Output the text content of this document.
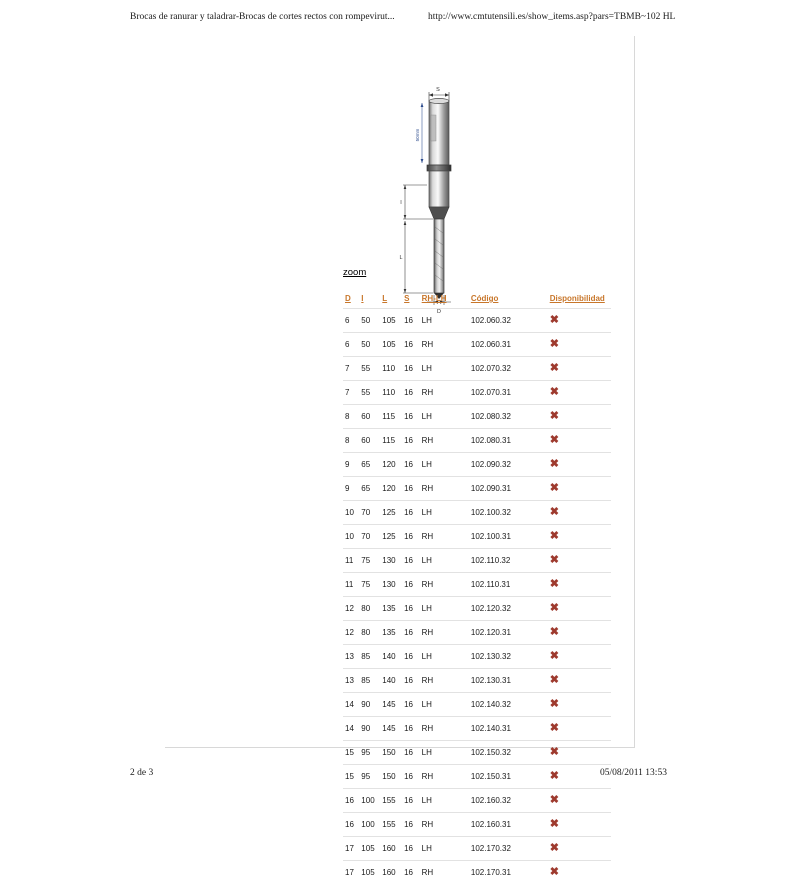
Brocas de ranurar y taladrar-Brocas de cortes rectos con rompevirut...	http://www.cmtutensili.es/show_items.asp?pars=TBMB~102 HL
S
50mm
I
L
D
zoom
D	I	L	S	RH-LH	Código	Disponibilidad
6	50	105	16	LH	102.060.32	✖
6	50	105	16	RH	102.060.31	✖
7	55	110	16	LH	102.070.32	✖
7	55	110	16	RH	102.070.31	✖
8	60	115	16	LH	102.080.32	✖
8	60	115	16	RH	102.080.31	✖
9	65	120	16	LH	102.090.32	✖
9	65	120	16	RH	102.090.31	✖
10	70	125	16	LH	102.100.32	✖
10	70	125	16	RH	102.100.31	✖
11	75	130	16	LH	102.110.32	✖
11	75	130	16	RH	102.110.31	✖
12	80	135	16	LH	102.120.32	✖
12	80	135	16	RH	102.120.31	✖
13	85	140	16	LH	102.130.32	✖
13	85	140	16	RH	102.130.31	✖
14	90	145	16	LH	102.140.32	✖
14	90	145	16	RH	102.140.31	✖
15	95	150	16	LH	102.150.32	✖
15	95	150	16	RH	102.150.31	✖
16	100	155	16	LH	102.160.32	✖
16	100	155	16	RH	102.160.31	✖
17	105	160	16	LH	102.170.32	✖
17	105	160	16	RH	102.170.31	✖
2 de 3	05/08/2011 13:53
